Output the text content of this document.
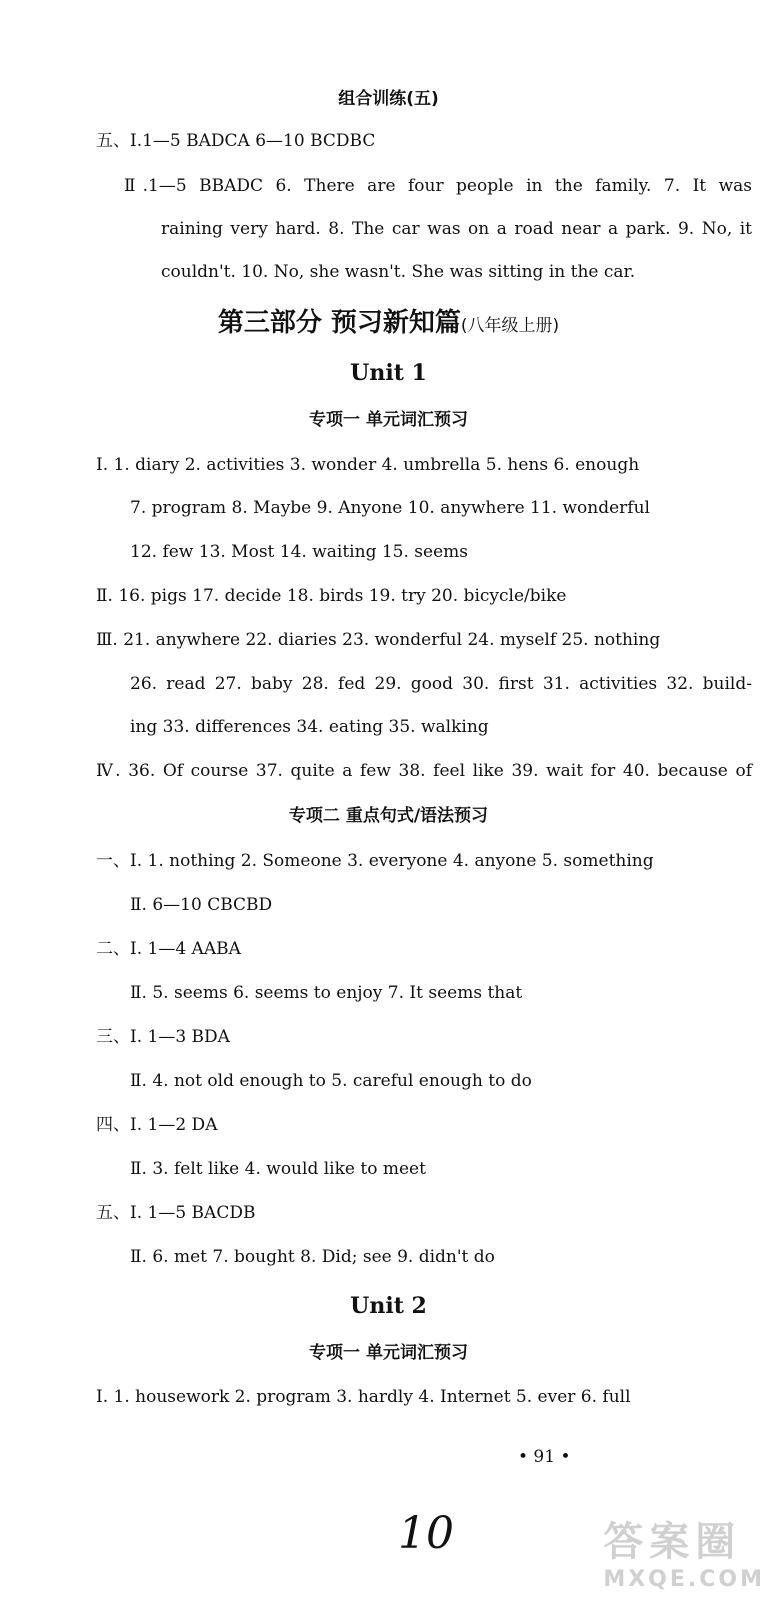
组合训练(五)
五、Ⅰ.1—5 BADCA 6—10 BCDBC
Ⅱ.1—5 BBADC 6. There are four people in the family. 7. It was
raining very hard. 8. The car was on a road near a park. 9. No, it
couldn't. 10. No, she wasn't. She was sitting in the car.
第三部分 预习新知篇(八年级上册)
Unit 1
专项一 单元词汇预习
Ⅰ. 1. diary 2. activities 3. wonder 4. umbrella 5. hens 6. enough
7. program 8. Maybe 9. Anyone 10. anywhere 11. wonderful
12. few 13. Most 14. waiting 15. seems
Ⅱ. 16. pigs 17. decide 18. birds 19. try 20. bicycle/bike
Ⅲ. 21. anywhere 22. diaries 23. wonderful 24. myself 25. nothing
26. read 27. baby 28. fed 29. good 30. first 31. activities 32. build-
ing 33. differences 34. eating 35. walking
Ⅳ. 36. Of course 37. quite a few 38. feel like 39. wait for 40. because of
专项二 重点句式/语法预习
一、Ⅰ. 1. nothing 2. Someone 3. everyone 4. anyone 5. something
Ⅱ. 6—10 CBCBD
二、Ⅰ. 1—4 AABA
Ⅱ. 5. seems 6. seems to enjoy 7. It seems that
三、Ⅰ. 1—3 BDA
Ⅱ. 4. not old enough to 5. careful enough to do
四、Ⅰ. 1—2 DA
Ⅱ. 3. felt like 4. would like to meet
五、Ⅰ. 1—5 BACDB
Ⅱ. 6. met 7. bought 8. Did; see 9. didn't do
Unit 2
专项一 单元词汇预习
Ⅰ. 1. housework 2. program 3. hardly 4. Internet 5. ever 6. full
• 91 •
10	答案圈
MXQE.COM
